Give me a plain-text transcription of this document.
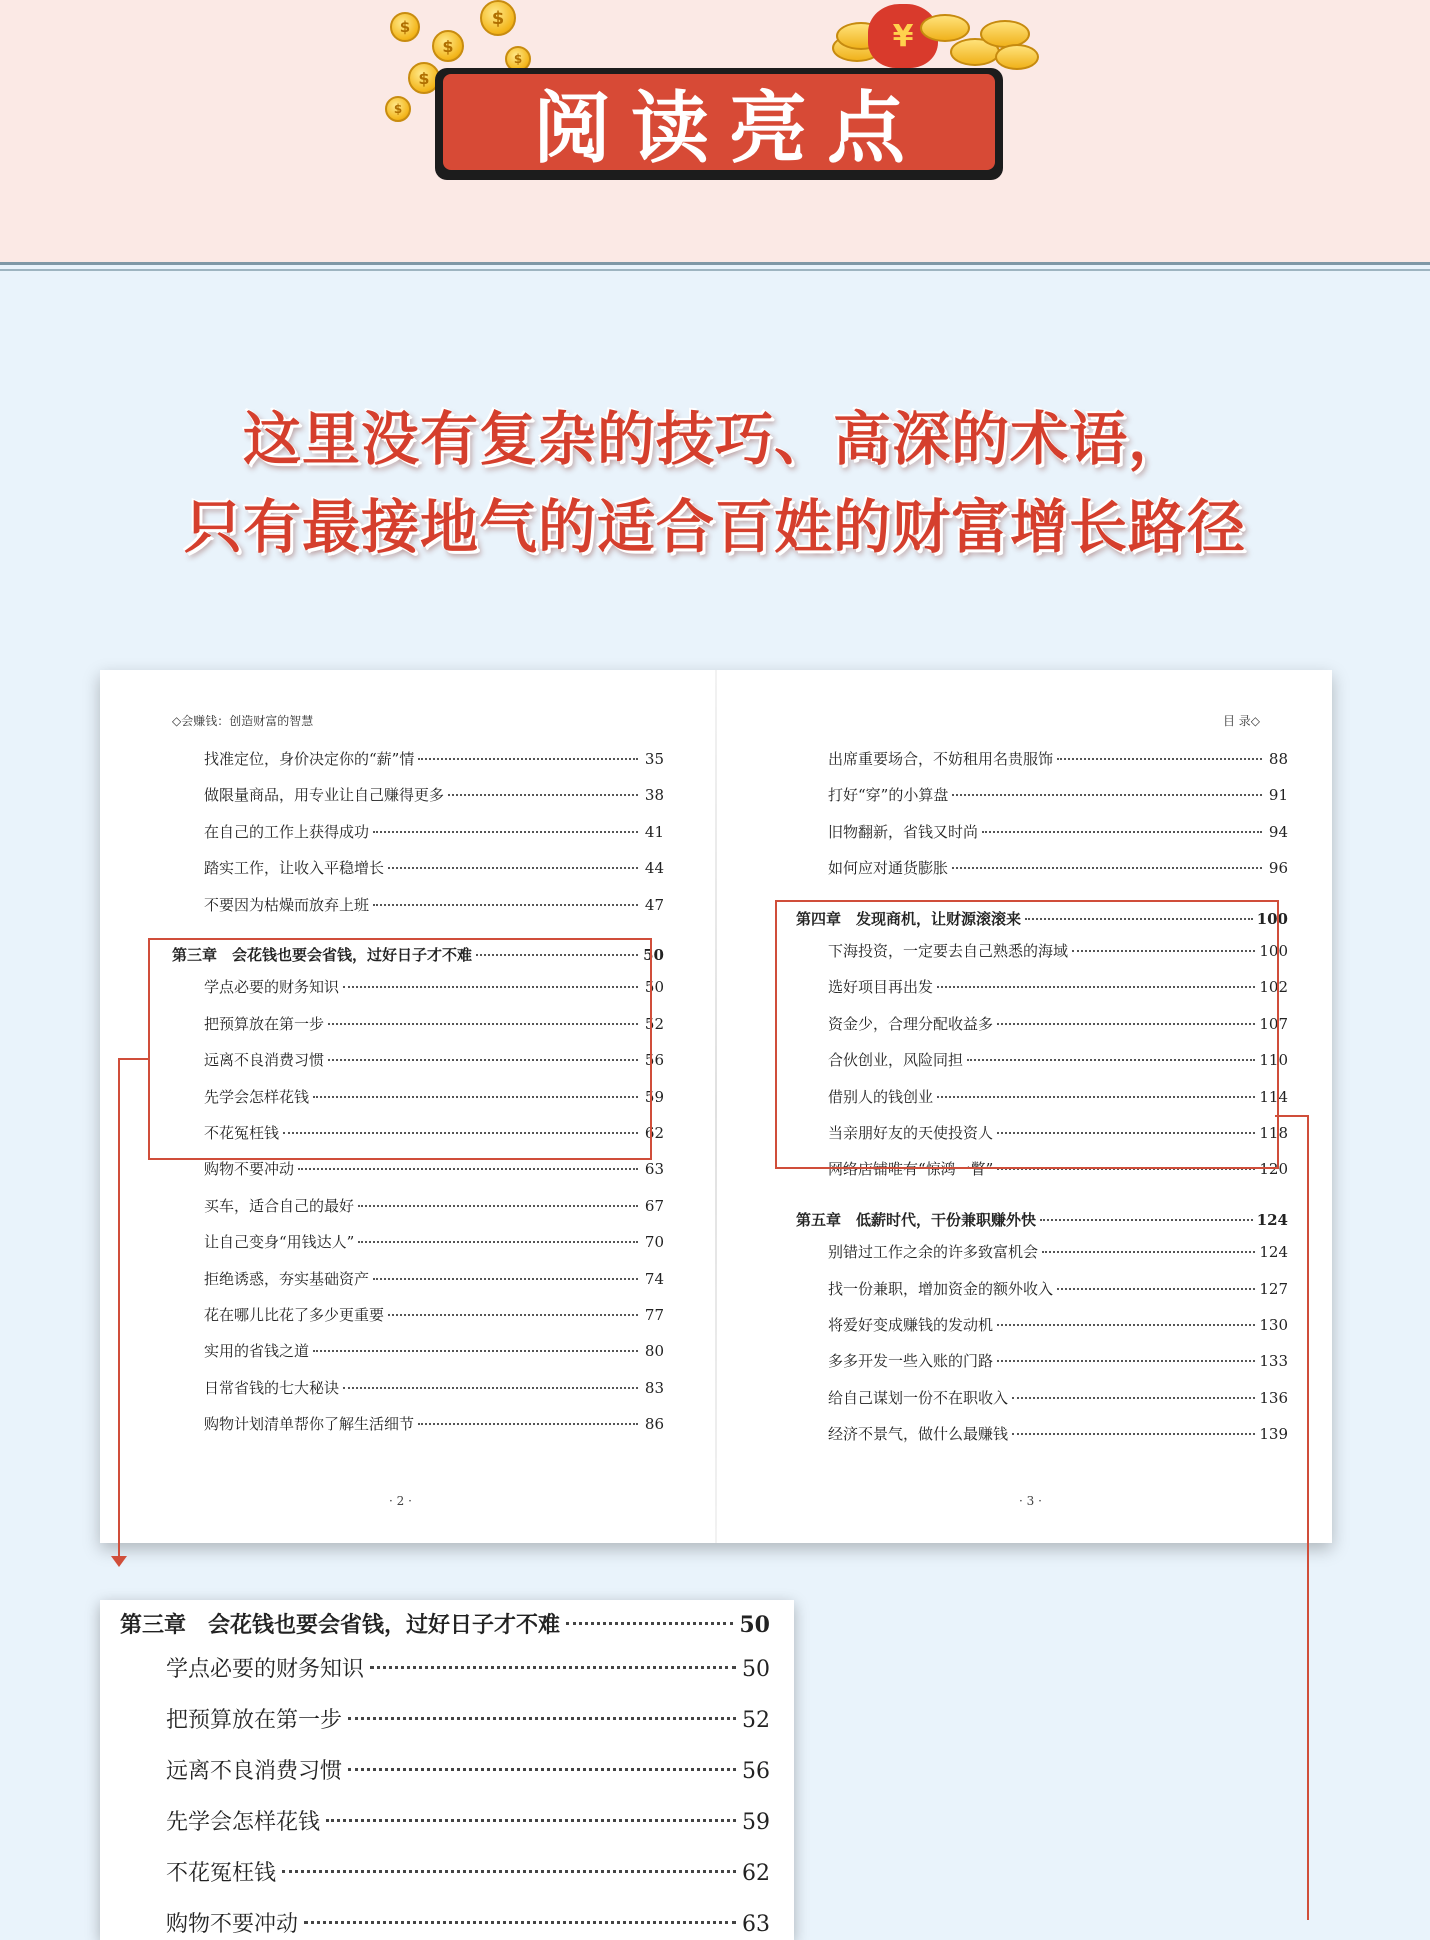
$
$
$
$
$
$
¥
阅读亮点
这里没有复杂的技巧、高深的术语，
只有最接地气的适合百姓的财富增长路径
◇会赚钱：创造财富的智慧	目 录◇
找准定位，身价决定你的“薪”情	35
做限量商品，用专业让自己赚得更多	38
在自己的工作上获得成功	41
踏实工作，让收入平稳增长	44
不要因为枯燥而放弃上班	47
第三章　会花钱也要会省钱，过好日子才不难	50
学点必要的财务知识	50
把预算放在第一步	52
远离不良消费习惯	56
先学会怎样花钱	59
不花冤枉钱	62
购物不要冲动	63
买车，适合自己的最好	67
让自己变身“用钱达人”	70
拒绝诱惑，夯实基础资产	74
花在哪儿比花了多少更重要	77
实用的省钱之道	80
日常省钱的七大秘诀	83
购物计划清单帮你了解生活细节	86
出席重要场合，不妨租用名贵服饰	88
打好“穿”的小算盘	91
旧物翻新，省钱又时尚	94
如何应对通货膨胀	96
第四章　发现商机，让财源滚滚来	100
下海投资，一定要去自己熟悉的海域	100
选好项目再出发	102
资金少，合理分配收益多	107
合伙创业，风险同担	110
借别人的钱创业	114
当亲朋好友的天使投资人	118
网络店铺唯有“惊鸿一瞥”	120
第五章　低薪时代，干份兼职赚外快	124
别错过工作之余的许多致富机会	124
找一份兼职，增加资金的额外收入	127
将爱好变成赚钱的发动机	130
多多开发一些入账的门路	133
给自己谋划一份不在职收入	136
经济不景气，做什么最赚钱	139
· 2 ·	· 3 ·
第三章　会花钱也要会省钱，过好日子才不难	50
学点必要的财务知识	50
把预算放在第一步	52
远离不良消费习惯	56
先学会怎样花钱	59
不花冤枉钱	62
购物不要冲动	63
